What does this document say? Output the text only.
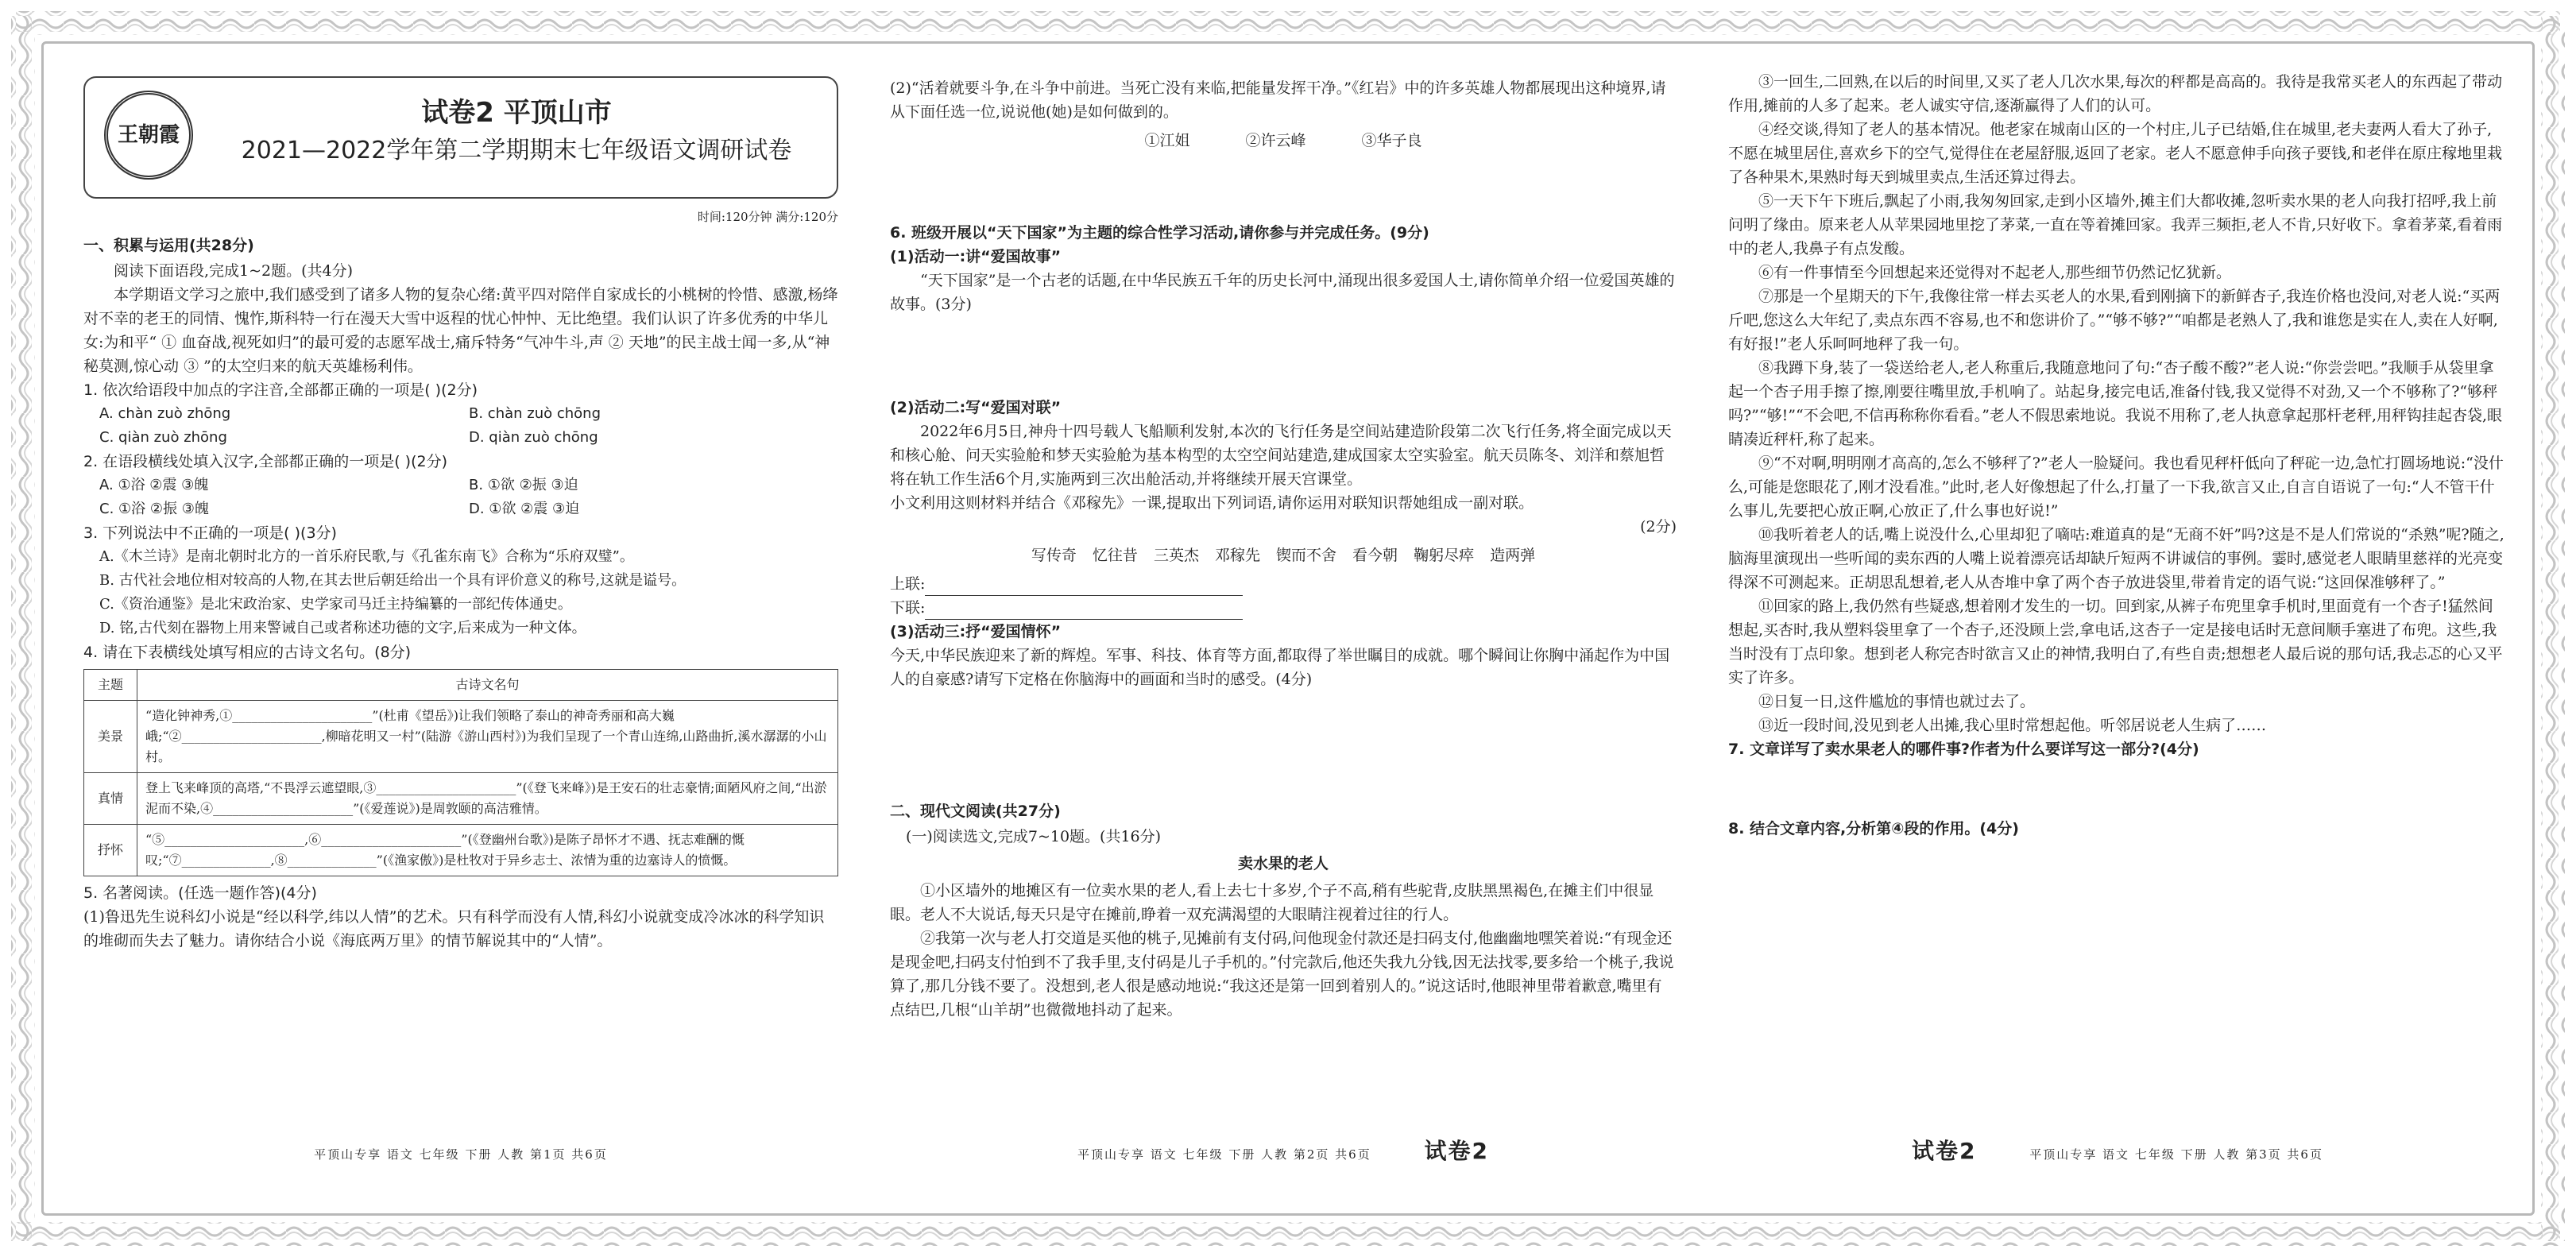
王朝霞
试卷2 平顶山市
2021—2022学年第二学期期末七年级语文调研试卷
时间:120分钟 满分:120分
一、积累与运用(共28分)

阅读下面语段,完成1~2题。(共4分)

本学期语文学习之旅中,我们感受到了诸多人物的复杂心绪:黄平四对陪伴自家成长的小桃树的怜惜、感激,杨绛对不幸的老王的同情、愧怍,斯科特一行在漫天大雪中返程的忧心忡忡、无比绝望。我们认识了许多优秀的中华儿女:为和平“ ① 血奋战,视死如归”的最可爱的志愿军战士,痛斥特务“气冲牛斗,声 ② 天地”的民主战士闻一多,从“神秘莫测,惊心动 ③ ”的太空归来的航天英雄杨利伟。

1. 依次给语段中加点的字注音,全部都正确的一项是( )(2分)

A. chàn zuò zhōng	B. chàn zuò chōng
C. qiàn zuò zhōng	D. qiàn zuò chōng

2. 在语段横线处填入汉字,全部都正确的一项是( )(2分)

A. ①浴 ②震 ③魄	B. ①欲 ②振 ③迫
C. ①浴 ②振 ③魄	D. ①欲 ②震 ③迫

3. 下列说法中不正确的一项是( )(3分)

A.《木兰诗》是南北朝时北方的一首乐府民歌,与《孔雀东南飞》合称为“乐府双璧”。

B. 古代社会地位相对较高的人物,在其去世后朝廷给出一个具有评价意义的称号,这就是谥号。

C.《资治通鉴》是北宋政治家、史学家司马迁主持编纂的一部纪传体通史。

D. 铭,古代刻在器物上用来警诫自己或者称述功德的文字,后来成为一种文体。

4. 请在下表横线处填写相应的古诗文名句。(8分)

主题	古诗文名句
美景	“造化钟神秀,①______________________”(杜甫《望岳》)让我们领略了泰山的神奇秀丽和高大巍峨;“②______________________,柳暗花明又一村”(陆游《游山西村》)为我们呈现了一个青山连绵,山路曲折,溪水潺潺的小山村。
真情	登上飞来峰顶的高塔,“不畏浮云遮望眼,③______________________”(《登飞来峰》)是王安石的壮志豪情;面陋风府之间,“出淤泥而不染,④______________________”(《爱莲说》)是周敦颐的高洁雅情。
抒怀	“⑤______________________,⑥______________________”(《登幽州台歌》)是陈子昂怀才不遇、抚志难酬的慨叹;“⑦______________,⑧______________”(《渔家傲》)是杜牧对于异乡志士、浓情为重的边塞诗人的愤慨。

5. 名著阅读。(任选一题作答)(4分)

(1)鲁迅先生说科幻小说是“经以科学,纬以人情”的艺术。只有科学而没有人情,科幻小说就变成冷冰冰的科学知识的堆砌而失去了魅力。请你结合小说《海底两万里》的情节解说其中的“人情”。

平顶山专享 语文 七年级 下册 人教 第1页 共6页

(2)“活着就要斗争,在斗争中前进。当死亡没有来临,把能量发挥干净。”《红岩》中的许多英雄人物都展现出这种境界,请从下面任选一位,说说他(她)是如何做到的。

①江姐	②许云峰	③华子良

6. 班级开展以“天下国家”为主题的综合性学习活动,请你参与并完成任务。(9分)

(1)活动一:讲“爱国故事”

“天下国家”是一个古老的话题,在中华民族五千年的历史长河中,涌现出很多爱国人士,请你简单介绍一位爱国英雄的故事。(3分)

(2)活动二:写“爱国对联”

2022年6月5日,神舟十四号载人飞船顺利发射,本次的飞行任务是空间站建造阶段第二次飞行任务,将全面完成以天和核心舱、问天实验舱和梦天实验舱为基本构型的太空空间站建造,建成国家太空实验室。航天员陈冬、刘洋和蔡旭哲将在轨工作生活6个月,实施两到三次出舱活动,并将继续开展天宫课堂。

小文利用这则材料并结合《邓稼先》一课,提取出下列词语,请你运用对联知识帮她组成一副对联。

(2分)

写传奇 忆往昔 三英杰 邓稼先 锲而不舍 看今朝 鞠躬尽瘁 造两弹

上联:

下联:

(3)活动三:抒“爱国情怀”

今天,中华民族迎来了新的辉煌。军事、科技、体育等方面,都取得了举世瞩目的成就。哪个瞬间让你胸中涌起作为中国人的自豪感?请写下定格在你脑海中的画面和当时的感受。(4分)

二、现代文阅读(共27分)

(一)阅读选文,完成7~10题。(共16分)

卖水果的老人

①小区墙外的地摊区有一位卖水果的老人,看上去七十多岁,个子不高,稍有些驼背,皮肤黑黑褐色,在摊主们中很显眼。老人不大说话,每天只是守在摊前,睁着一双充满渴望的大眼睛注视着过往的行人。

②我第一次与老人打交道是买他的桃子,见摊前有支付码,问他现金付款还是扫码支付,他幽幽地嘿笑着说:“有现金还是现金吧,扫码支付怕到不了我手里,支付码是儿子手机的。”付完款后,他还失我九分钱,因无法找零,要多给一个桃子,我说算了,那几分钱不要了。没想到,老人很是感动地说:“我这还是第一回到着别人的。”说这话时,他眼神里带着歉意,嘴里有点结巴,几根“山羊胡”也微微地抖动了起来。

平顶山专享 语文 七年级 下册 人教 第2页 共6页 试卷2

③一回生,二回熟,在以后的时间里,又买了老人几次水果,每次的秤都是高高的。我待是我常买老人的东西起了带动作用,摊前的人多了起来。老人诚实守信,逐渐赢得了人们的认可。

④经交谈,得知了老人的基本情况。他老家在城南山区的一个村庄,儿子已结婚,住在城里,老夫妻两人看大了孙子,不愿在城里居住,喜欢乡下的空气,觉得住在老屋舒服,返回了老家。老人不愿意伸手向孩子要钱,和老伴在原庄稼地里栽了各种果木,果熟时每天到城里卖点,生活还算过得去。

⑤一天下午下班后,飘起了小雨,我匆匆回家,走到小区墙外,摊主们大都收摊,忽听卖水果的老人向我打招呼,我上前问明了缘由。原来老人从苹果园地里挖了茅菜,一直在等着摊回家。我弄三频拒,老人不肯,只好收下。拿着茅菜,看着雨中的老人,我鼻子有点发酸。

⑥有一件事情至今回想起来还觉得对不起老人,那些细节仍然记忆犹新。

⑦那是一个星期天的下午,我像往常一样去买老人的水果,看到刚摘下的新鲜杏子,我连价格也没问,对老人说:“买两斤吧,您这么大年纪了,卖点东西不容易,也不和您讲价了。”“够不够?”“咱都是老熟人了,我和谁您是实在人,卖在人好啊,有好报!”老人乐呵呵地秤了我一句。

⑧我蹲下身,装了一袋送给老人,老人称重后,我随意地问了句:“杏子酸不酸?”老人说:“你尝尝吧。”我顺手从袋里拿起一个杏子用手擦了擦,刚要往嘴里放,手机响了。站起身,接完电话,准备付钱,我又觉得不对劲,又一个不够称了?“够秤吗?”“够!”“不会吧,不信再称称你看看。”老人不假思索地说。我说不用称了,老人执意拿起那杆老秤,用秤钩挂起杏袋,眼睛凑近秤杆,称了起来。

⑨“不对啊,明明刚才高高的,怎么不够秤了?”老人一脸疑问。我也看见秤杆低向了秤砣一边,急忙打圆场地说:“没什么,可能是您眼花了,刚才没看准。”此时,老人好像想起了什么,打量了一下我,欲言又止,自言自语说了一句:“人不管干什么事儿,先要把心放正啊,心放正了,什么事也好说!”

⑩我听着老人的话,嘴上说没什么,心里却犯了嘀咕:难道真的是“无商不奸”吗?这是不是人们常说的“杀熟”呢?随之,脑海里演现出一些听闻的卖东西的人嘴上说着漂亮话却缺斤短两不讲诚信的事例。霎时,感觉老人眼睛里慈祥的光亮变得深不可测起来。正胡思乱想着,老人从杏堆中拿了两个杏子放进袋里,带着肯定的语气说:“这回保准够秤了。”

⑪回家的路上,我仍然有些疑惑,想着刚才发生的一切。回到家,从裤子布兜里拿手机时,里面竟有一个杏子!猛然间想起,买杏时,我从塑料袋里拿了一个杏子,还没顾上尝,拿电话,这杏子一定是接电话时无意间顺手塞进了布兜。这些,我当时没有丁点印象。想到老人称完杏时欲言又止的神情,我明白了,有些自责;想想老人最后说的那句话,我忐忑的心又平实了许多。

⑫日复一日,这件尴尬的事情也就过去了。

⑬近一段时间,没见到老人出摊,我心里时常想起他。听邻居说老人生病了……

7. 文章详写了卖水果老人的哪件事?作者为什么要详写这一部分?(4分)

8. 结合文章内容,分析第④段的作用。(4分)

试卷2	平顶山专享 语文 七年级 下册 人教 第3页 共6页
